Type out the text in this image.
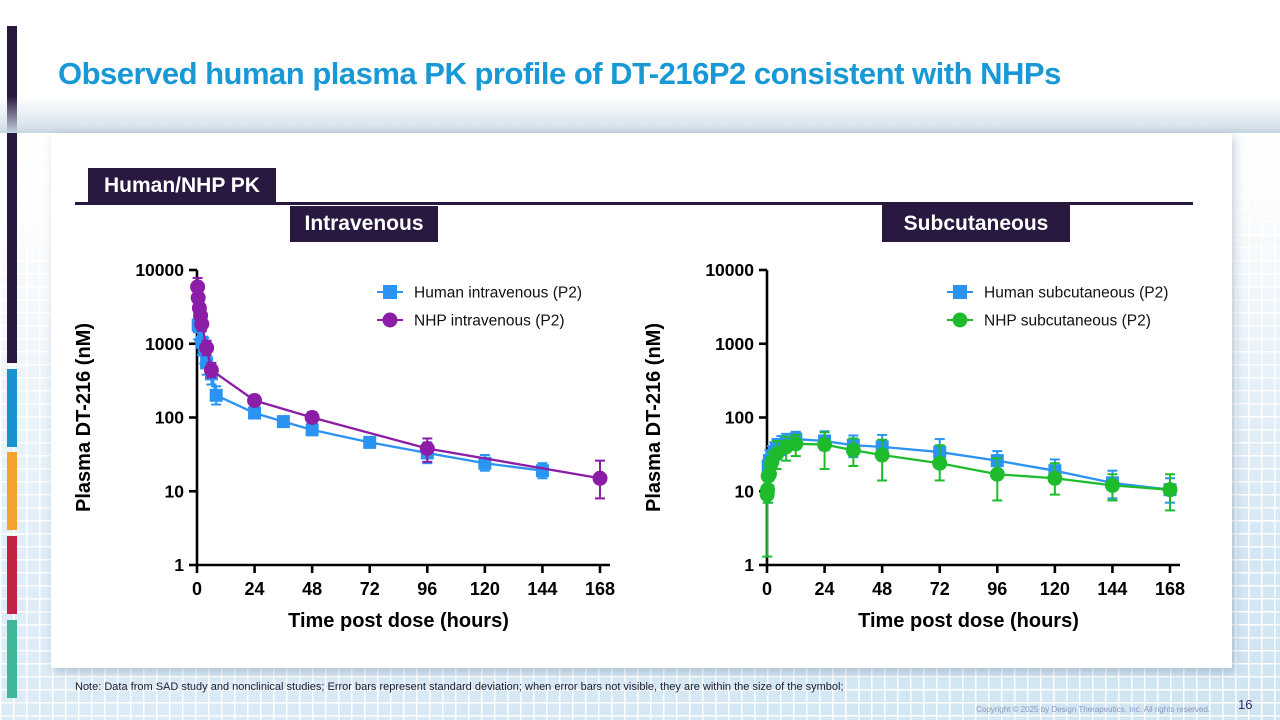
Observed human plasma PK profile of DT-216P2 consistent with NHPs
Human/NHP PK
Intravenous	Subcutaneous
1
10
100
1000
10000
0 24 48 72 96 120 144 168
Time post dose (hours)
Plasma DT-216 (nM)
Human intravenous (P2)
NHP intravenous (P2)
1
10
100
1000
10000
0 24 48 72 96 120 144 168
Time post dose (hours)
Plasma DT-216 (nM)
Human subcutaneous (P2)
NHP subcutaneous (P2)
Note: Data from SAD study and nonclinical studies; Error bars represent standard deviation; when error bars not visible, they are within the size of the symbol;
Copyright © 2025 by Design Therapeutics, Inc. All rights reserved. 16
